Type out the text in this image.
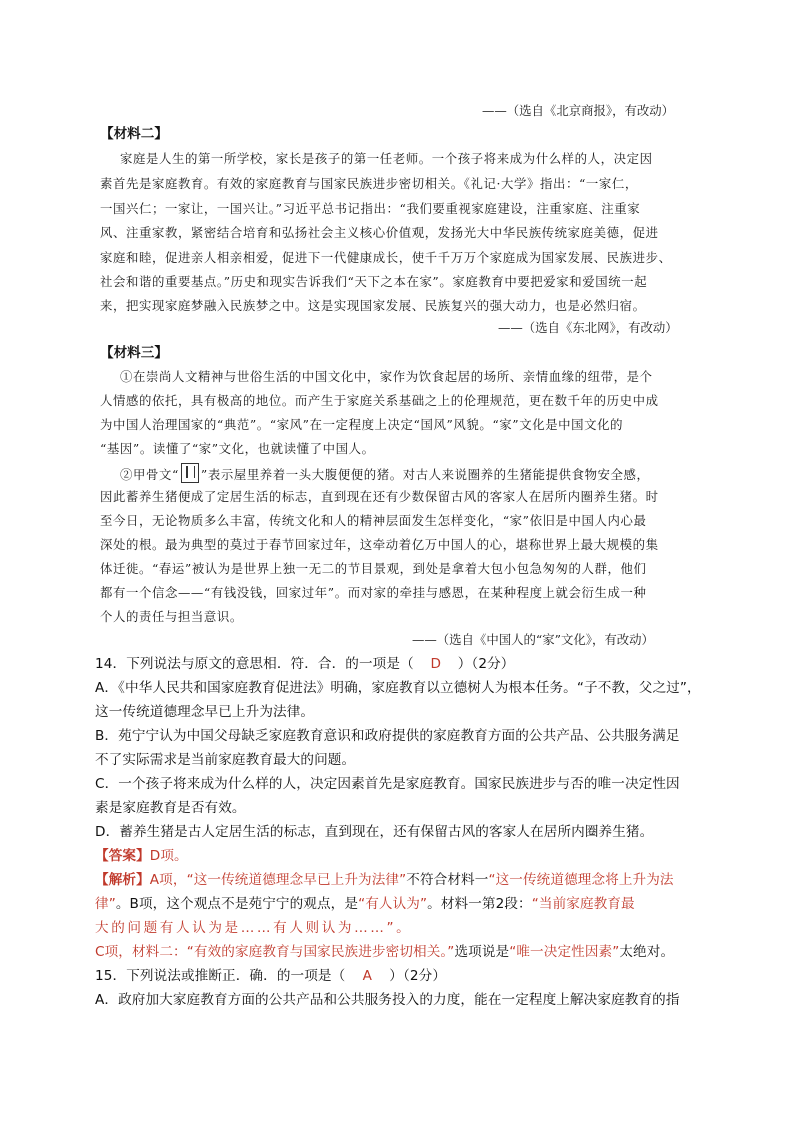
——（选自《北京商报》，有改动）
【材料二】
家庭是人生的第一所学校，家长是孩子的第一任老师。一个孩子将来成为什么样的人，决定因
素首先是家庭教育。有效的家庭教育与国家民族进步密切相关。《礼记·大学》指出：“一家仁，
一国兴仁；一家让，一国兴让。”习近平总书记指出：“我们要重视家庭建设，注重家庭、注重家
风、注重家教，紧密结合培育和弘扬社会主义核心价值观，发扬光大中华民族传统家庭美德，促进
家庭和睦，促进亲人相亲相爱，促进下一代健康成长，使千千万万个家庭成为国家发展、民族进步、
社会和谐的重要基点。”历史和现实告诉我们“天下之本在家”。家庭教育中要把爱家和爱国统一起
来，把实现家庭梦融入民族梦之中。这是实现国家发展、民族复兴的强大动力，也是必然归宿。
——（选自《东北网》，有改动）
【材料三】
①在崇尚人文精神与世俗生活的中国文化中，家作为饮食起居的场所、亲情血缘的纽带，是个
人情感的依托，具有极高的地位。而产生于家庭关系基础之上的伦理规范，更在数千年的历史中成
为中国人治理国家的“典范”。“家风”在一定程度上决定“国风”风貌。“家”文化是中国文化的
“基因”。读懂了“家”文化，也就读懂了中国人。
②甲骨文“ ”表示屋里养着一头大腹便便的猪。对古人来说圈养的生猪能提供食物安全感，
因此蓄养生猪便成了定居生活的标志，直到现在还有少数保留古风的客家人在居所内圈养生猪。时
至今日，无论物质多么丰富，传统文化和人的精神层面发生怎样变化，“家”依旧是中国人内心最
深处的根。最为典型的莫过于春节回家过年，这牵动着亿万中国人的心，堪称世界上最大规模的集
体迁徙。“春运”被认为是世界上独一无二的节目景观，到处是拿着大包小包急匆匆的人群，他们
都有一个信念——“有钱没钱，回家过年”。而对家的牵挂与感恩，在某种程度上就会衍生成一种
个人的责任与担当意识。
——（选自《中国人的“家”文化》，有改动）
14．下列说法与原文的意思相．符．合．的一项是（ D ）（2分）
A．《中华人民共和国家庭教育促进法》明确，家庭教育以立德树人为根本任务。“子不教，父之过”，
这一传统道德理念早已上升为法律。
B．苑宁宁认为中国父母缺乏家庭教育意识和政府提供的家庭教育方面的公共产品、公共服务满足
不了实际需求是当前家庭教育最大的问题。
C．一个孩子将来成为什么样的人，决定因素首先是家庭教育。国家民族进步与否的唯一决定性因
素是家庭教育是否有效。
D．蓄养生猪是古人定居生活的标志，直到现在，还有保留古风的客家人在居所内圈养生猪。
【答案】D项。
【解析】A项，“这一传统道德理念早已上升为法律”不符合材料一“这一传统道德理念将上升为法
律”。B项，这个观点不是苑宁宁的观点，是“有人认为”。材料一第2段：“当前家庭教育最
大的问题有人认为是……有人则认为……”。
C项，材料二：“有效的家庭教育与国家民族进步密切相关。”选项说是“唯一决定性因素”太绝对。
15．下列说法或推断正．确．的一项是（ A ）（2分）
A．政府加大家庭教育方面的公共产品和公共服务投入的力度，能在一定程度上解决家庭教育的指
